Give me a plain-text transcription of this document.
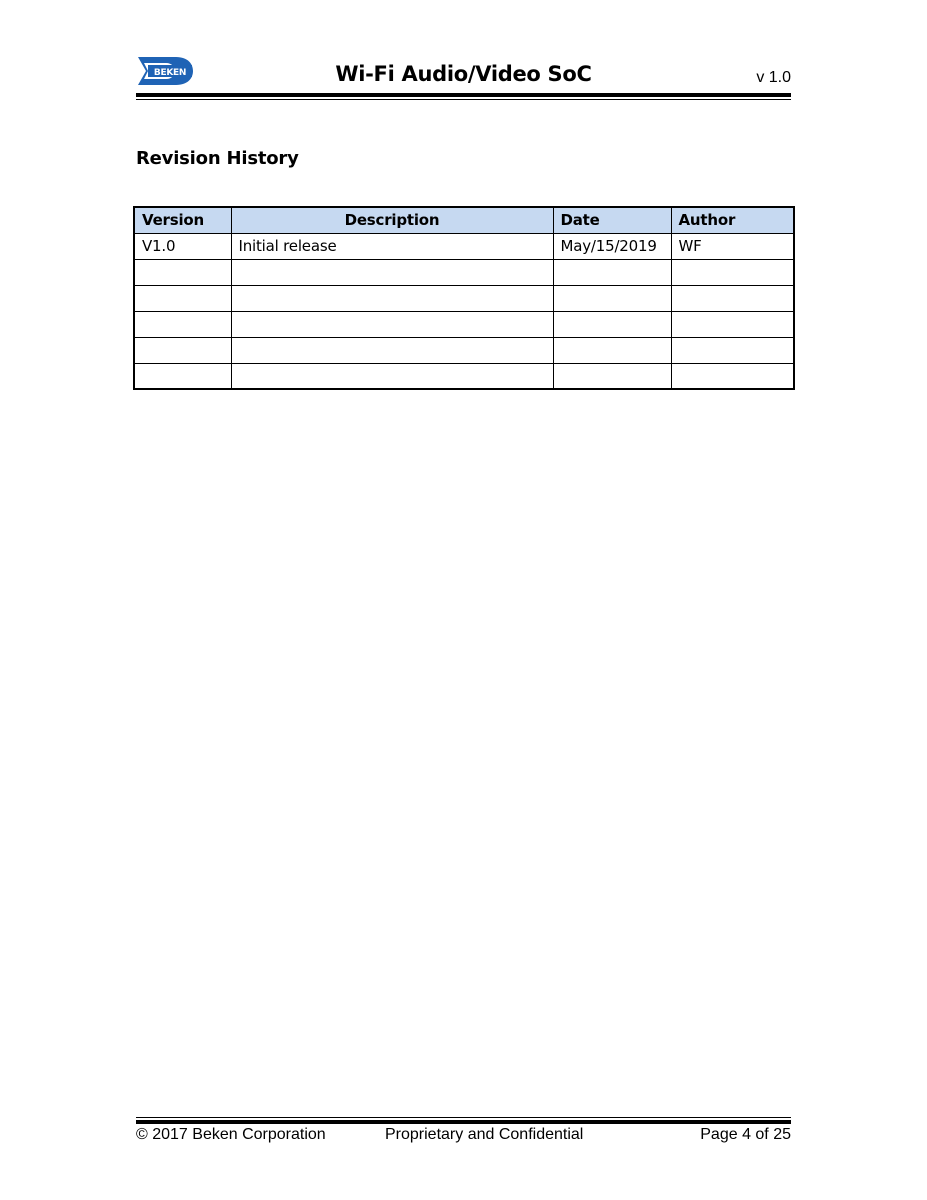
BEKEN	Wi-Fi Audio/Video SoC	v 1.0
Revision History
Version	Description	Date	Author
V1.0	Initial release	May/15/2019	WF

© 2017 Beken Corporation	Proprietary and Confidential	Page 4 of 25
